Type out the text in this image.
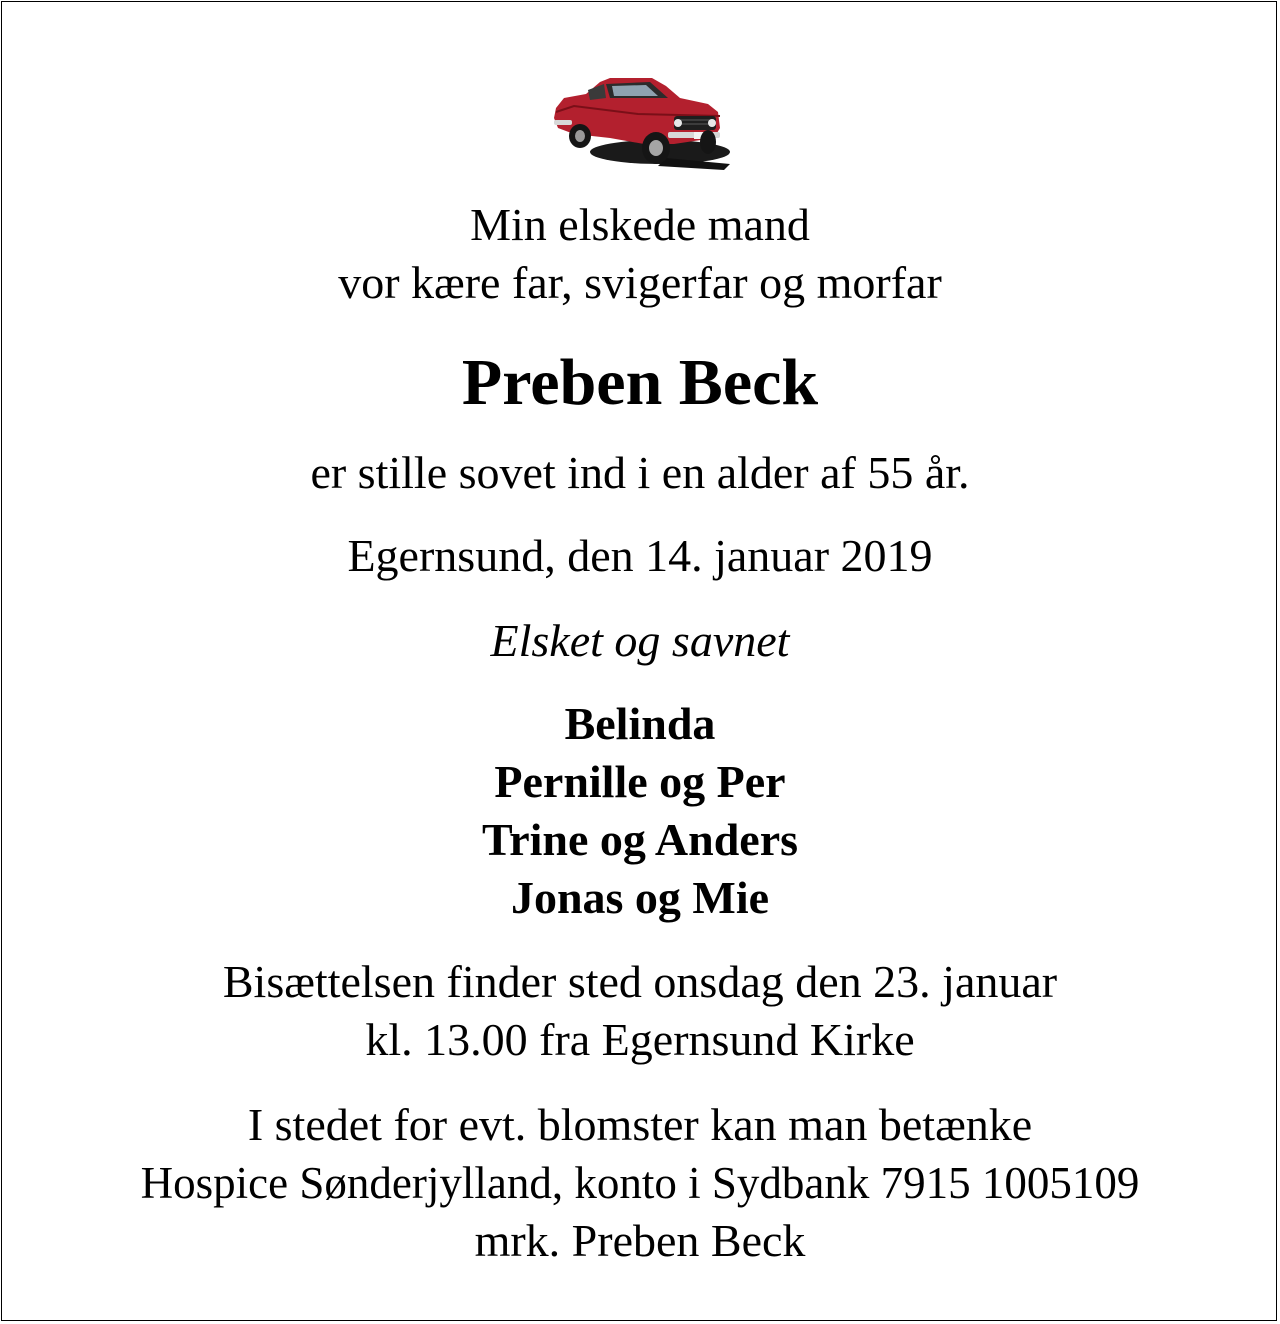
Min elskede mand
vor kære far, svigerfar og morfar
Preben Beck
er stille sovet ind i en alder af 55 år.
Egernsund, den 14. januar 2019
Elsket og savnet
Belinda
Pernille og Per
Trine og Anders
Jonas og Mie
Bisættelsen finder sted onsdag den 23. januar
kl. 13.00 fra Egernsund Kirke
I stedet for evt. blomster kan man betænke
Hospice Sønderjylland, konto i Sydbank 7915 1005109
mrk. Preben Beck
